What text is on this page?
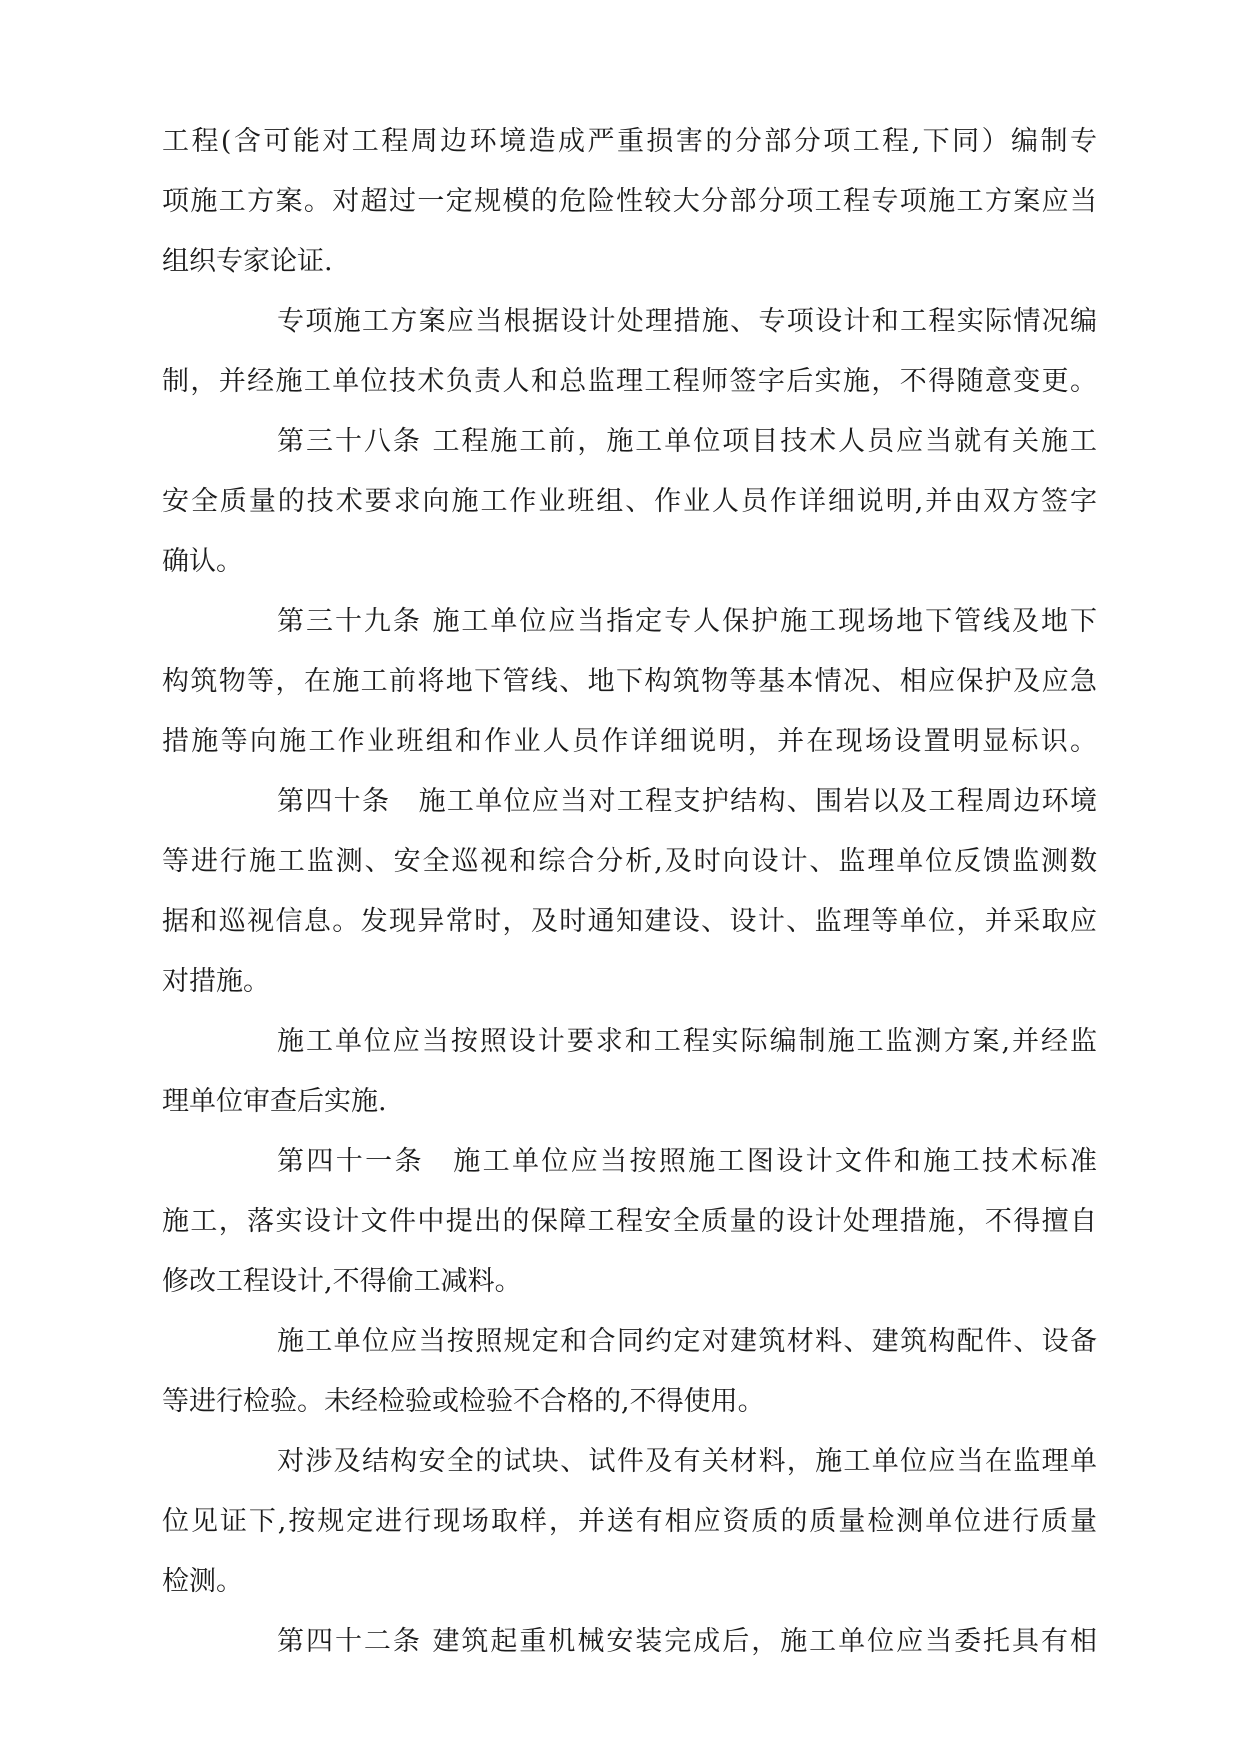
工程(含可能对工程周边环境造成严重损害的分部分项工程,下同）编制专
项施工方案。对超过一定规模的危险性较大分部分项工程专项施工方案应当
组织专家论证.
专项施工方案应当根据设计处理措施、专项设计和工程实际情况编
制，并经施工单位技术负责人和总监理工程师签字后实施，不得随意变更。
第三十八条 工程施工前，施工单位项目技术人员应当就有关施工
安全质量的技术要求向施工作业班组、作业人员作详细说明,并由双方签字
确认。
第三十九条 施工单位应当指定专人保护施工现场地下管线及地下
构筑物等，在施工前将地下管线、地下构筑物等基本情况、相应保护及应急
措施等向施工作业班组和作业人员作详细说明，并在现场设置明显标识。
第四十条　施工单位应当对工程支护结构、围岩以及工程周边环境
等进行施工监测、安全巡视和综合分析,及时向设计、监理单位反馈监测数
据和巡视信息。发现异常时，及时通知建设、设计、监理等单位，并采取应
对措施。
施工单位应当按照设计要求和工程实际编制施工监测方案,并经监
理单位审查后实施.
第四十一条　施工单位应当按照施工图设计文件和施工技术标准
施工，落实设计文件中提出的保障工程安全质量的设计处理措施，不得擅自
修改工程设计,不得偷工减料。
施工单位应当按照规定和合同约定对建筑材料、建筑构配件、设备
等进行检验。未经检验或检验不合格的,不得使用。
对涉及结构安全的试块、试件及有关材料，施工单位应当在监理单
位见证下,按规定进行现场取样，并送有相应资质的质量检测单位进行质量
检测。
第四十二条 建筑起重机械安装完成后，施工单位应当委托具有相
